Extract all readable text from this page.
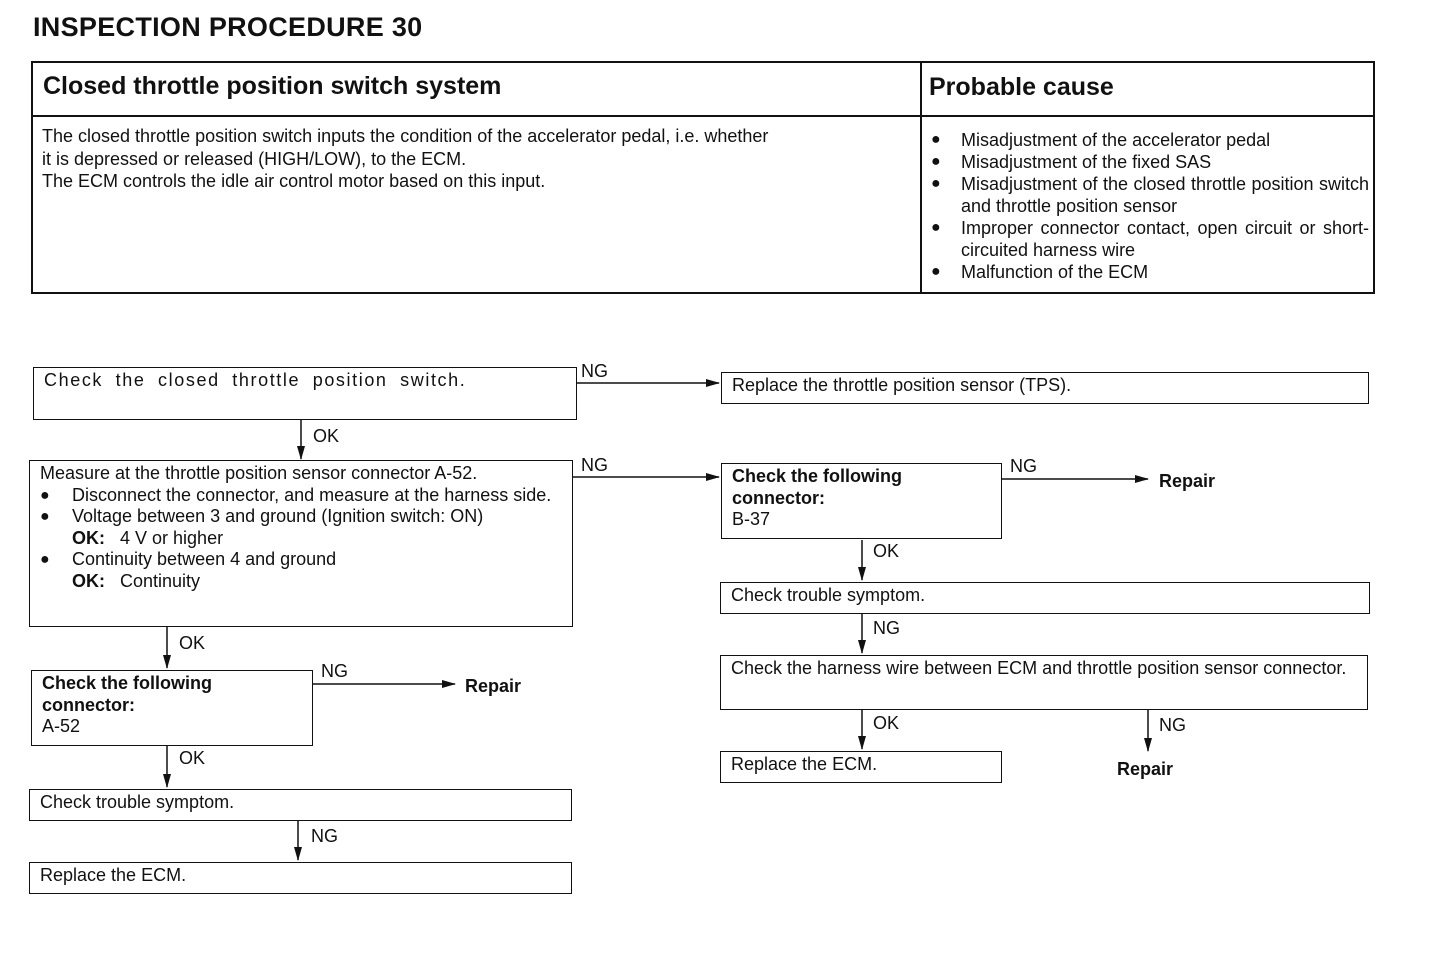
INSPECTION PROCEDURE 30
Closed throttle position switch system	Probable cause
The closed throttle position switch inputs the condition of the accelerator pedal, i.e. whether
it is depressed or released (HIGH/LOW), to the ECM.
The ECM controls the idle air control motor based on this input.
● Misadjustment of the accelerator pedal
● Misadjustment of the fixed SAS
● Misadjustment of the closed throttle position switch and throttle position sensor
● Improper connector contact, open circuit or short-circuited harness wire
● Malfunction of the ECM
Check the closed throttle position switch.
Measure at the throttle position sensor connector A-52.
● Disconnect the connector, and measure at the harness side.
● Voltage between 3 and ground (Ignition switch: ON)
OK: 4 V or higher
● Continuity between 4 and ground
OK: Continuity
Check the following
connector:
A-52
Check trouble symptom.
Replace the ECM.
Replace the throttle position sensor (TPS).
Check the following
connector:
B-37
Check trouble symptom.
Check the harness wire between ECM and throttle position sensor connector.
Replace the ECM.
NG
OK
NG
OK
NG
OK
NG
NG
OK
NG
OK	NG
Repair
Repair
Repair
